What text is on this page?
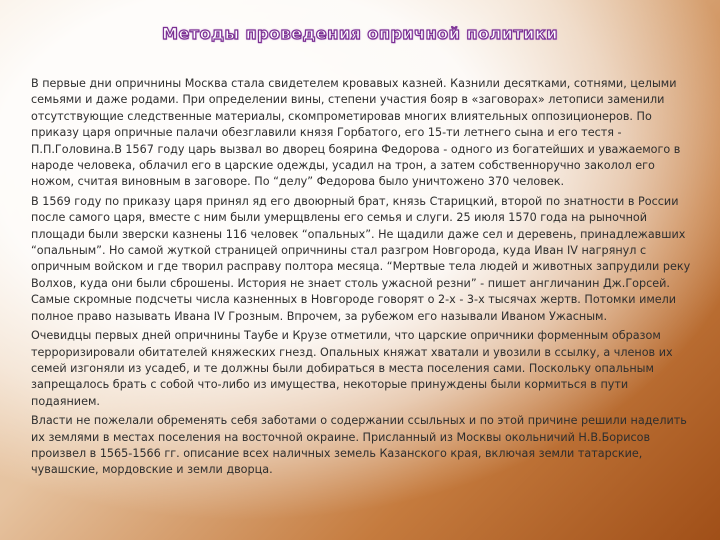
Методы проведения опричной политики

В первые дни опричнины Москва стала свидетелем кровавых казней. Казнили десятками, сотнями, целыми семьями и даже родами. При определении вины, степени участия бояр в «заговорах» летописи заменили отсутствующие следственные материалы, скомпрометировав многих влиятельных оппозиционеров. По приказу царя опричные палачи обезглавили князя Горбатого, его 15-ти летнего сына и его тестя - П.П.Головина.В 1567 году царь вызвал во дворец боярина Федорова - одного из богатейших и уважаемого в народе человека, облачил его в царские одежды, усадил на трон, а затем собственноручно заколол его ножом, считая виновным в заговоре. По “делу” Федорова было уничтожено 370 человек.

В 1569 году по приказу царя принял яд его двоюрный брат, князь Старицкий, второй по знатности в России после самого царя, вместе с ним были умерщвлены его семья и слуги. 25 июля 1570 года на рыночной площади были зверски казнены 116 человек “опальных”. Не щадили даже сел и деревень, принадлежавших “опальным”. Но самой жуткой страницей опричнины стал разгром Новгорода, куда Иван IV нагрянул с опричным войском и где творил расправу полтора месяца. “Мертвые тела людей и животных запрудили реку Волхов, куда они были сброшены. История не знает столь ужасной резни” - пишет англичанин Дж.Горсей. Самые скромные подсчеты числа казненных в Новгороде говорят о 2-х - 3-х тысячах жертв. Потомки имели полное право называть Ивана IV Грозным. Впрочем, за рубежом его называли Иваном Ужасным.

Очевидцы первых дней опричнины Таубе и Крузе отметили, что царские опричники форменным образом терроризировали обитателей княжеских гнезд. Опальных княжат хватали и увозили в ссылку, а членов их семей изгоняли из усадеб, и те должны были добираться в места поселения сами. Поскольку опальным запрещалось брать с собой что-либо из имущества, некоторые принуждены были кормиться в пути подаянием.

Власти не пожелали обременять себя заботами о содержании ссыльных и по этой причине решили наделить их землями в местах поселения на восточной окраине. Присланный из Москвы окольничий Н.В.Борисов произвел в 1565-1566 гг. описание всех наличных земель Казанского края, включая земли татарские, чувашские, мордовские и земли дворца.
